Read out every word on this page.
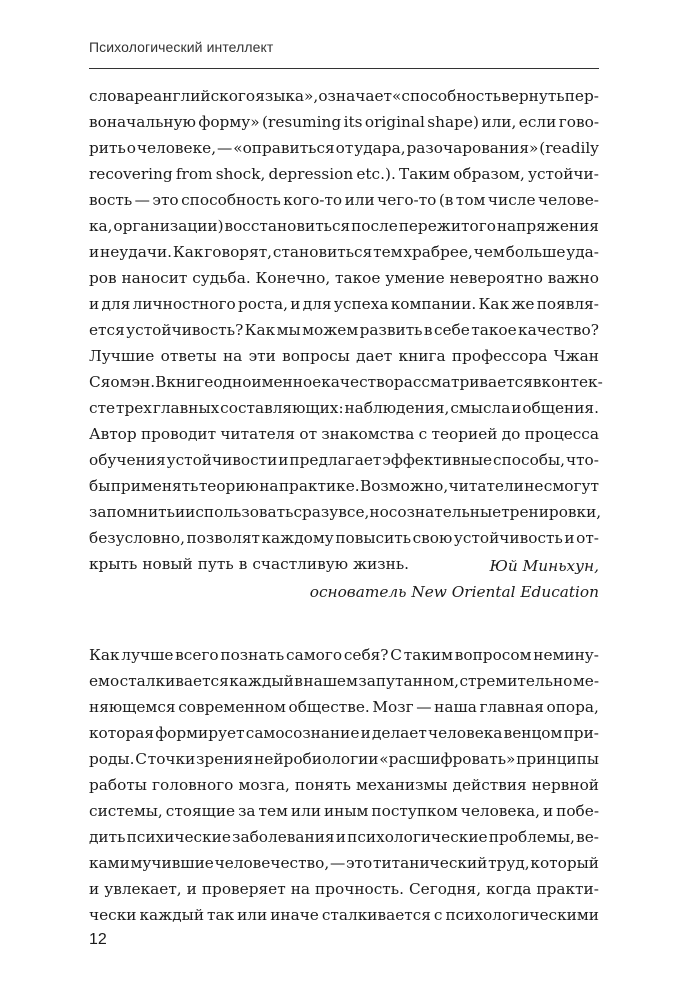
Психологический интеллект
словаре английского языка», означает «способность вернуть пер-
воначальную форму» (resuming its original shape) или, если гово-
рить о человеке, — «оправиться от удара, разочарования» (readily
recovering from shock, depression etc.). Таким образом, устойчи-
вость — это способность кого-то или чего-то (в том числе челове-
ка, организации) восстановиться после пережитого напряжения
и неудачи. Как говорят, становиться тем храбрее, чем больше уда-
ров наносит судьба. Конечно, такое умение невероятно важно
и для личностного роста, и для успеха компании. Как же появля-
ется устойчивость? Как мы можем развить в себе такое качество?
Лучшие ответы на эти вопросы дает книга профессора Чжан
Сяомэн. В книге одноименное качество рассматривается в контек-
сте трех главных составляющих: наблюдения, смысла и общения.
Автор проводит читателя от знакомства с теорией до процесса
обучения устойчивости и предлагает эффективные способы, что-
бы применять теорию на практике. Возможно, читатели не смогут
запомнить и использовать сразу все, но сознательные тренировки,
безусловно, позволят каждому повысить свою устойчивость и от-
крыть новый путь в счастливую жизнь.	Юй Миньхун,
основатель New Oriental Education
Как лучше всего познать самого себя? С таким вопросом немину-
емо сталкивается каждый в нашем запутанном, стремительно ме-
няющемся современном обществе. Мозг — наша главная опора,
которая формирует самосознание и делает человека венцом при-
роды. С точки зрения нейробиологии «расшифровать» принципы
работы головного мозга, понять механизмы действия нервной
системы, стоящие за тем или иным поступком человека, и побе-
дить психические заболевания и психологические проблемы, ве-
ками мучившие человечество, — это титанический труд, который
и увлекает, и проверяет на прочность. Сегодня, когда практи-
чески каждый так или иначе сталкивается с психологическими
12
